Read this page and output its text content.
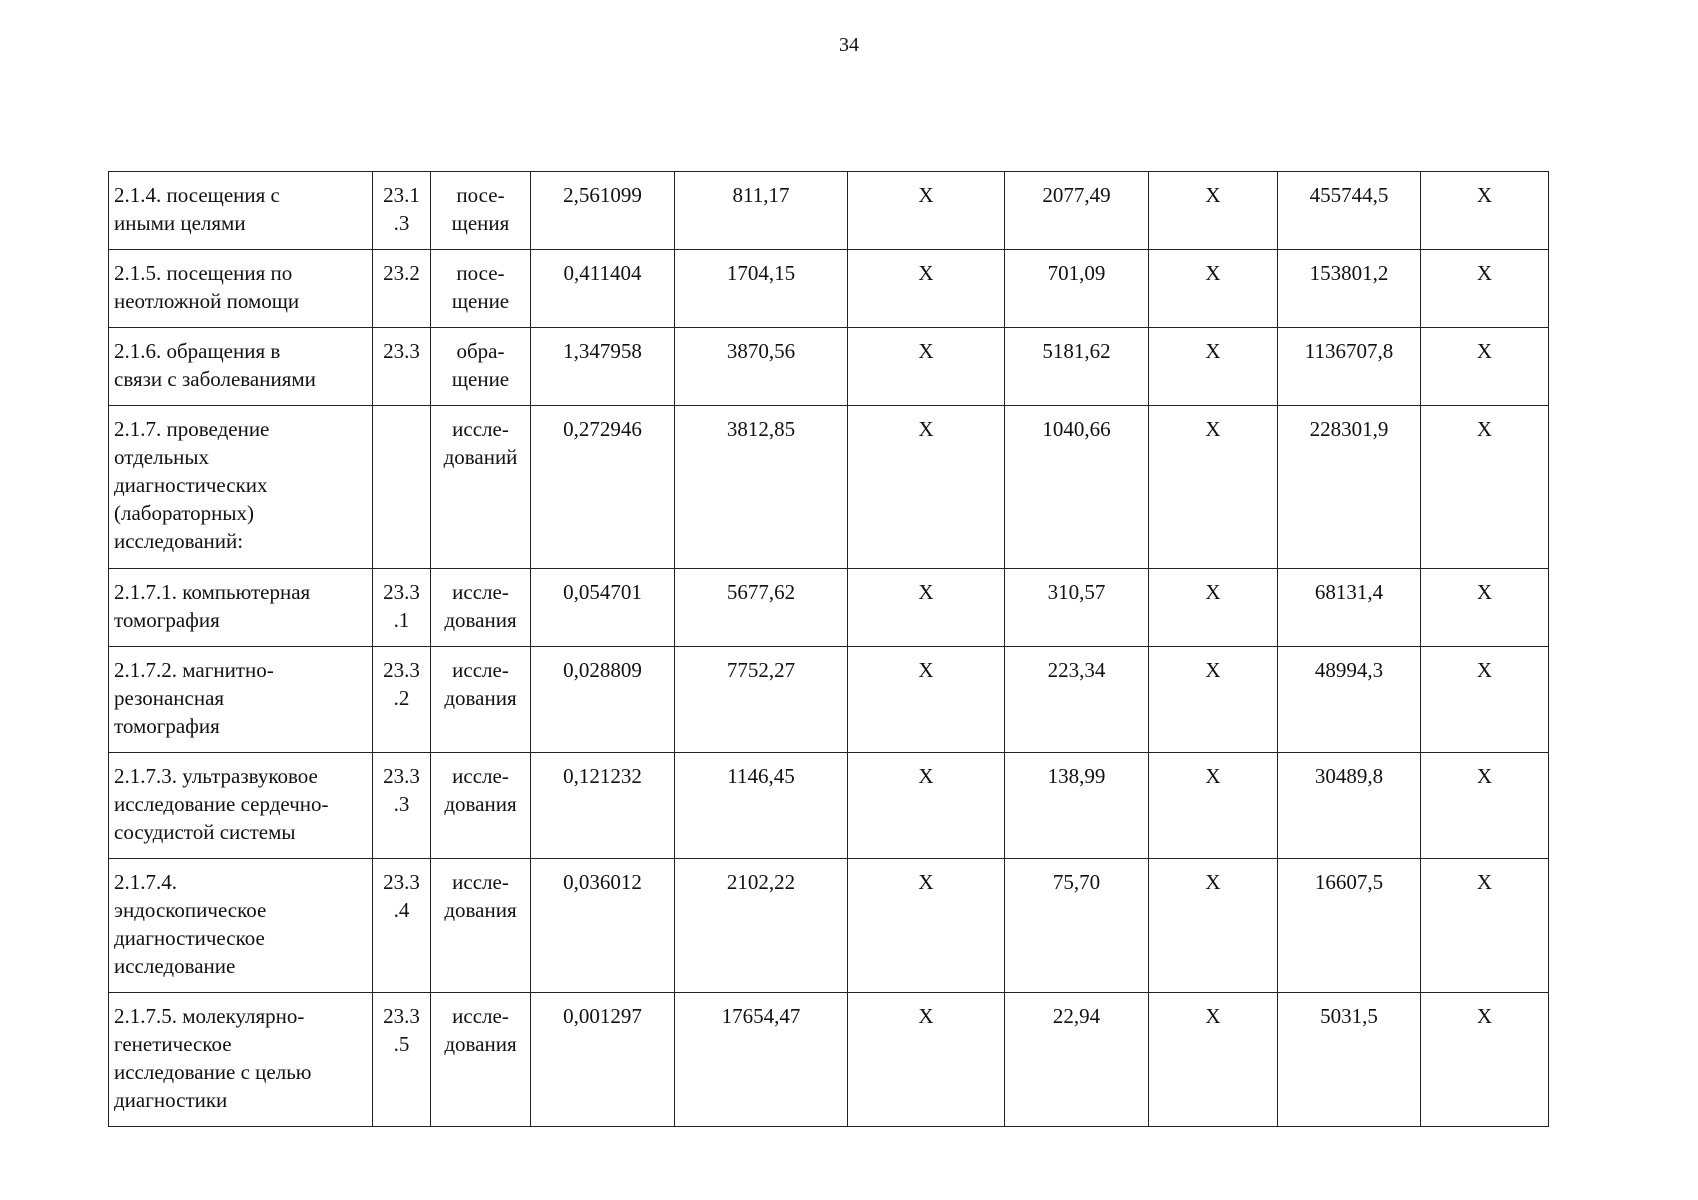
34
2.1.4. посещения с
иными целями	23.1
.3	посе-
щения	2,561099	811,17	X	2077,49	X	455744,5	X

2.1.5. посещения по
неотложной помощи	23.2	посе-
щение	0,411404	1704,15	X	701,09	X	153801,2	X

2.1.6. обращения в
связи с заболеваниями	23.3	обра-
щение	1,347958	3870,56	X	5181,62	X	1136707,8	X

2.1.7. проведение
отдельных
диагностических
(лабораторных)
исследований:		иссле-
дований	0,272946	3812,85	X	1040,66	X	228301,9	X

2.1.7.1. компьютерная
томография	23.3
.1	иссле-
дования	0,054701	5677,62	X	310,57	X	68131,4	X

2.1.7.2. магнитно-
резонансная
томография	23.3
.2	иссле-
дования	0,028809	7752,27	X	223,34	X	48994,3	X

2.1.7.3. ультразвуковое
исследование сердечно-
сосудистой системы	23.3
.3	иссле-
дования	0,121232	1146,45	X	138,99	X	30489,8	X

2.1.7.4.
эндоскопическое
диагностическое
исследование	23.3
.4	иссле-
дования	0,036012	2102,22	X	75,70	X	16607,5	X

2.1.7.5. молекулярно-
генетическое
исследование с целью
диагностики	23.3
.5	иссле-
дования	0,001297	17654,47	X	22,94	X	5031,5	X
